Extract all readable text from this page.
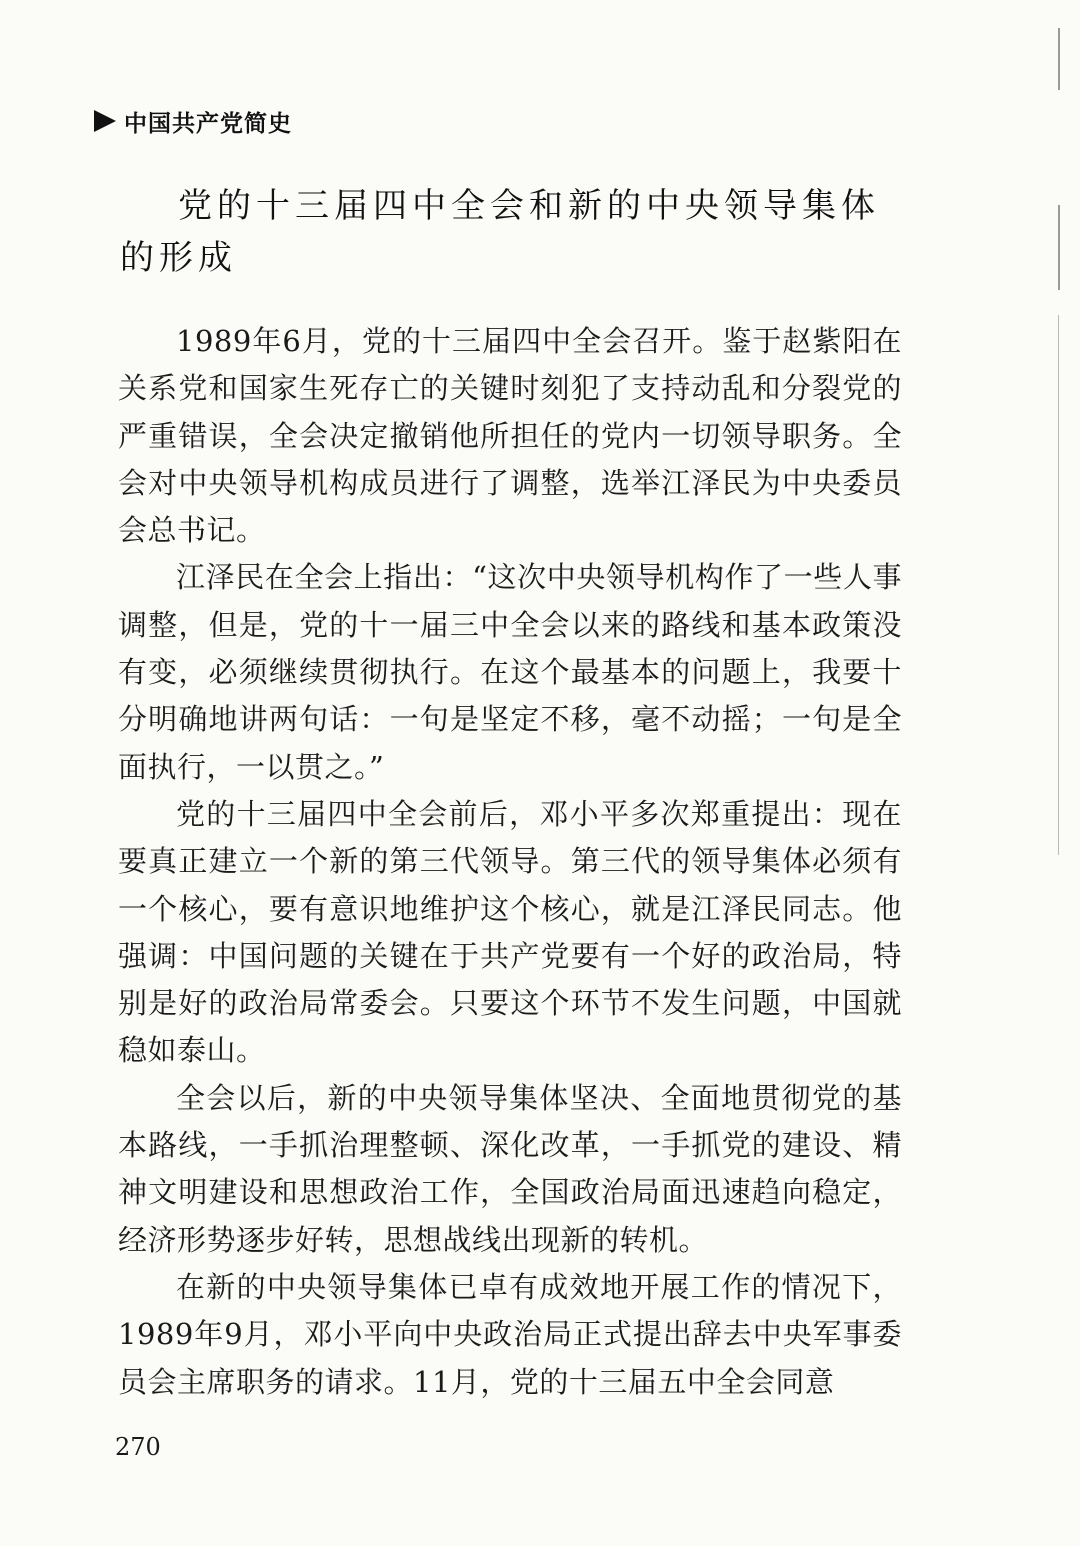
中国共产党简史
党的十三届四中全会和新的中央领导集体的形成

1989年6月，党的十三届四中全会召开。鉴于赵紫阳在关系党和国家生死存亡的关键时刻犯了支持动乱和分裂党的严重错误，全会决定撤销他所担任的党内一切领导职务。全会对中央领导机构成员进行了调整，选举江泽民为中央委员会总书记。

江泽民在全会上指出：“这次中央领导机构作了一些人事调整，但是，党的十一届三中全会以来的路线和基本政策没有变，必须继续贯彻执行。在这个最基本的问题上，我要十分明确地讲两句话：一句是坚定不移，毫不动摇；一句是全面执行，一以贯之。”

党的十三届四中全会前后，邓小平多次郑重提出：现在要真正建立一个新的第三代领导。第三代的领导集体必须有一个核心，要有意识地维护这个核心，就是江泽民同志。他强调：中国问题的关键在于共产党要有一个好的政治局，特别是好的政治局常委会。只要这个环节不发生问题，中国就稳如泰山。

全会以后，新的中央领导集体坚决、全面地贯彻党的基本路线，一手抓治理整顿、深化改革，一手抓党的建设、精神文明建设和思想政治工作，全国政治局面迅速趋向稳定，经济形势逐步好转，思想战线出现新的转机。

在新的中央领导集体已卓有成效地开展工作的情况下，1989年9月，邓小平向中央政治局正式提出辞去中央军事委员会主席职务的请求。11月，党的十三届五中全会同意

270
